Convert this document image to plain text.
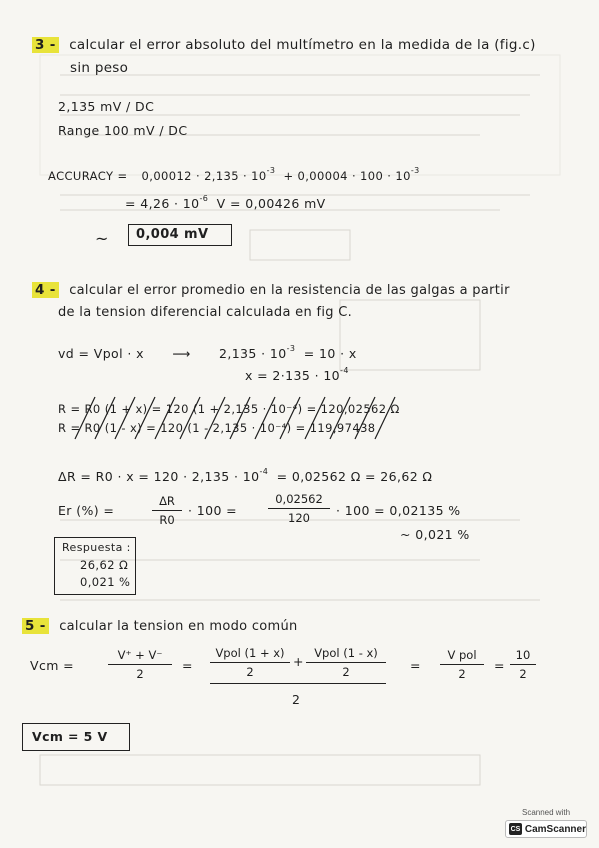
3 - calcular el error absoluto del multímetro en la medida de la (fig.c)
sin peso
2,135 mV / DC
Range 100 mV / DC
ACCURACY = $0,00012 \cdot 2,135 \cdot 10^{-3} + 0,00004 \cdot 100 \cdot 10^{-3}$
= $4,26 \cdot 10^{-6}$ V = 0,00426 mV
~ 0,004 mV
4 - calcular el error promedio en la resistencia de las galgas a partir
de la tension diferencial calculada en fig C.
vd = Vpol · x ⟶ $2,135 \cdot 10^{-3} = 10 \cdot x$
$x = 2\cdot 135 \cdot 10^{-4}$
R = R0 (1 + x) = 120 (1 + 2,135 · 10⁻⁴) = 120,02562 Ω
R = R0 (1 - x) = 120 (1 - 2,135 · 10⁻⁴) = 119,97438
$\Delta R = R0 \cdot x = 120 \cdot 2,135 \cdot 10^{-4} = 0,02562$ Ω = 26,62 Ω
Er (%) =	$\frac{\Delta R}{R0} \cdot 100$ =	$\frac{0,02562}{120} \cdot 100 = 0,02135$ %
~ 0,021 %
Respuesta :
26,62 Ω
0,021 %
5 - calcular la tension en modo común
Vcm =	$\frac{V^+ + V^-}{2}$ =
Vpol (1 + x)
2
+
Vpol (1 - x)
2
2
=
V pol
2
= $\frac{10}{2}$
Vcm = 5 V
Scanned with
CS CamScanner
